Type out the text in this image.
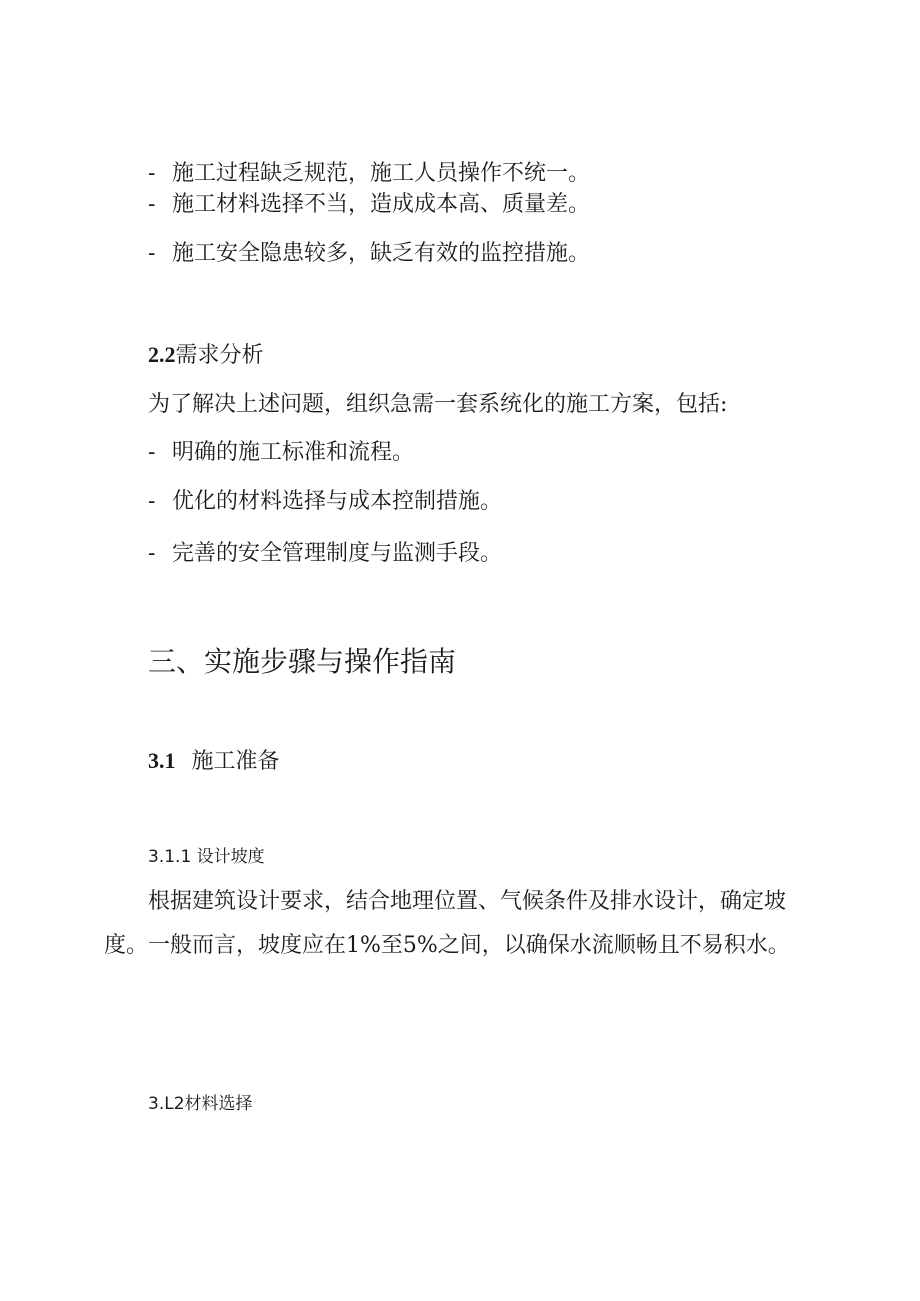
- 施工过程缺乏规范，施工人员操作不统一。
- 施工材料选择不当，造成成本高、质量差。
- 施工安全隐患较多，缺乏有效的监控措施。
2.2需求分析
为了解决上述问题，组织急需一套系统化的施工方案，包括:
- 明确的施工标准和流程。
- 优化的材料选择与成本控制措施。
- 完善的安全管理制度与监测手段。
三、实施步骤与操作指南
3.1 施工准备
3.1.1 设计坡度
根据建筑设计要求，结合地理位置、气候条件及排水设计，确定坡度。一般而言，坡度应在1%至5%之间，以确保水流顺畅且不易积水。
3.L2材料选择
